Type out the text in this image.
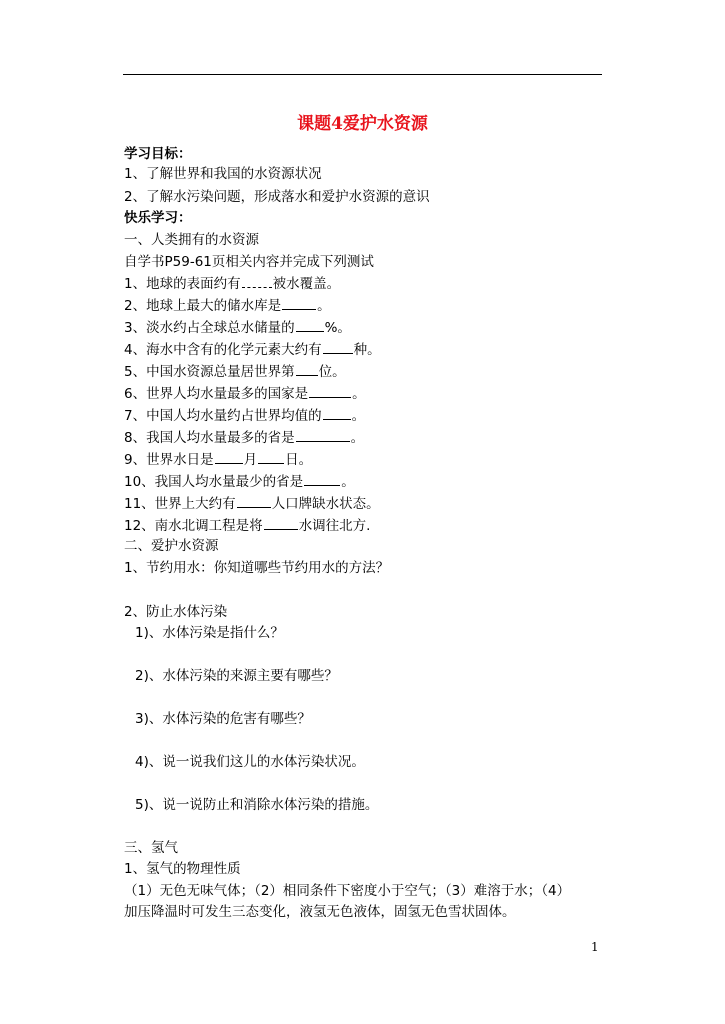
课题4爱护水资源
学习目标：
1、了解世界和我国的水资源状况
2、了解水污染问题，形成落水和爱护水资源的意识
快乐学习：
一、人类拥有的水资源
自学书P59-61页相关内容并完成下列测试
1、地球的表面约有 被水覆盖。
2、地球上最大的储水库是	。
3、淡水约占全球总水储量的 %。
4、海水中含有的化学元素大约有 种。
5、中国水资源总量居世界第 位。
6、世界人均水量最多的国家是	。
7、中国人均水量约占世界均值的 。
8、我国人均水量最多的省是	。
9、世界水日是 月 日。
10、我国人均水量最少的省是	。
11、世界上大约有	人口牌缺水状态。
12、南水北调工程是将	水调往北方.
二、爱护水资源
1、节约用水：你知道哪些节约用水的方法？
2、防止水体污染
1)、水体污染是指什么？
2)、水体污染的来源主要有哪些？
3)、水体污染的危害有哪些？
4)、说一说我们这儿的水体污染状况。
5)、说一说防止和消除水体污染的措施。
三、氢气
1、氢气的物理性质
（1）无色无味气体；（2）相同条件下密度小于空气；（3）难溶于水；（4）
加压降温时可发生三态变化，液氢无色液体，固氢无色雪状固体。
1
